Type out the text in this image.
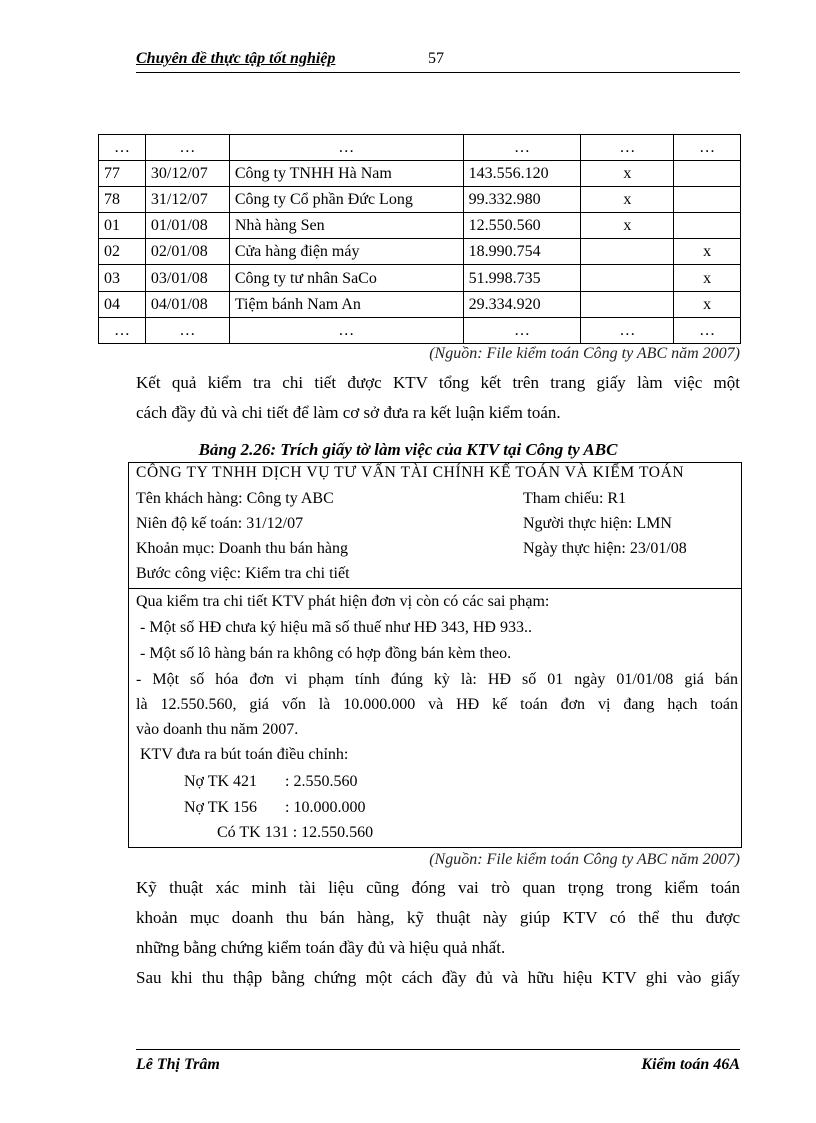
Chuyên đề thực tập tốt nghiệp	57
…	…	…	…	…	…
77	30/12/07	Công ty TNHH Hà Nam	143.556.120	x	
78	31/12/07	Công ty Cổ phần Đức Long	99.332.980	x	
01	01/01/08	Nhà hàng Sen	12.550.560	x	
02	02/01/08	Cửa hàng điện máy	18.990.754		x
03	03/01/08	Công ty tư nhân SaCo	51.998.735		x
04	04/01/08	Tiệm bánh Nam An	29.334.920		x
…	…	…	…	…	…
(Nguồn: File kiểm toán Công ty ABC năm 2007)
Kết quả kiểm tra chi tiết được KTV tổng kết trên trang giấy làm việc một
cách đầy đủ và chi tiết để làm cơ sở đưa ra kết luận kiểm toán.
Bảng 2.26: Trích giấy tờ làm việc của KTV tại Công ty ABC
CÔNG TY TNHH DỊCH VỤ TƯ VẤN TÀI CHÍNH KẾ TOÁN VÀ KIỂM TOÁN
Tên khách hàng: Công ty ABC	Tham chiếu: R1
Niên độ kế toán: 31/12/07	Người thực hiện: LMN
Khoản mục: Doanh thu bán hàng	Ngày thực hiện: 23/01/08
Bước công việc: Kiểm tra chi tiết
Qua kiểm tra chi tiết KTV phát hiện đơn vị còn có các sai phạm:
- Một số HĐ chưa ký hiệu mã số thuế như HĐ 343, HĐ 933..
- Một số lô hàng bán ra không có hợp đồng bán kèm theo.
- Một số hóa đơn vi phạm tính đúng kỳ là: HĐ số 01 ngày 01/01/08 giá bán
là 12.550.560, giá vốn là 10.000.000 và HĐ kế toán đơn vị đang hạch toán
vào doanh thu năm 2007.
KTV đưa ra bút toán điều chỉnh:
Nợ TK 421       : 2.550.560
Nợ TK 156       : 10.000.000
Có TK 131 : 12.550.560
(Nguồn: File kiểm toán Công ty ABC năm 2007)
Kỹ thuật xác minh tài liệu cũng đóng vai trò quan trọng trong kiểm toán
khoản mục doanh thu bán hàng, kỹ thuật này giúp KTV có thể thu được
những bằng chứng kiểm toán đầy đủ và hiệu quả nhất.
Sau khi thu thập bằng chứng một cách đầy đủ và hữu hiệu KTV ghi vào giấy
Lê Thị Trâm	Kiểm toán 46A
